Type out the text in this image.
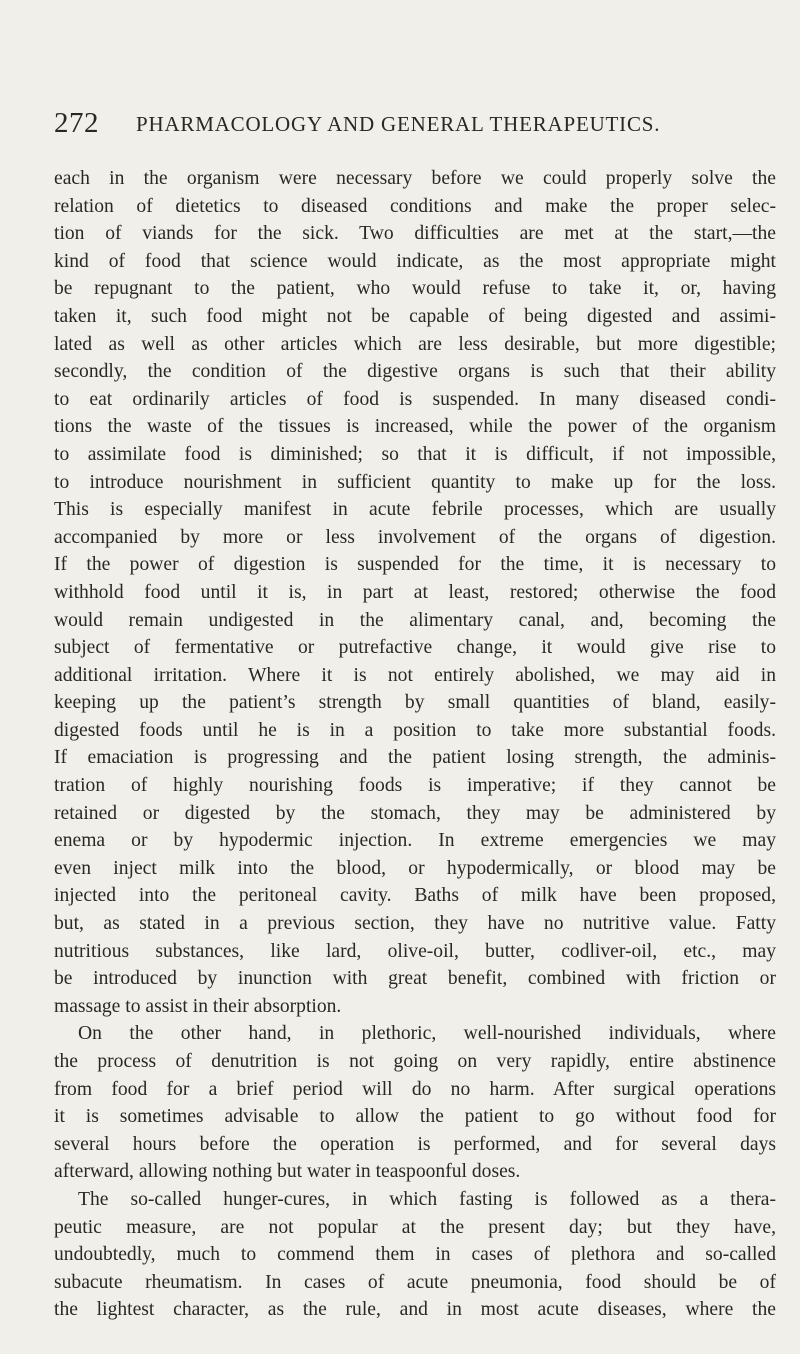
272 PHARMACOLOGY AND GENERAL THERAPEUTICS.
each in the organism were necessary before we could properly solve the
relation of dietetics to diseased conditions and make the proper selec-
tion of viands for the sick. Two difficulties are met at the start,—the
kind of food that science would indicate, as the most appropriate might
be repugnant to the patient, who would refuse to take it, or, having
taken it, such food might not be capable of being digested and assimi-
lated as well as other articles which are less desirable, but more digestible;
secondly, the condition of the digestive organs is such that their ability
to eat ordinarily articles of food is suspended. In many diseased condi-
tions the waste of the tissues is increased, while the power of the organism
to assimilate food is diminished; so that it is difficult, if not impossible,
to introduce nourishment in sufficient quantity to make up for the loss.
This is especially manifest in acute febrile processes, which are usually
accompanied by more or less involvement of the organs of digestion.
If the power of digestion is suspended for the time, it is necessary to
withhold food until it is, in part at least, restored; otherwise the food
would remain undigested in the alimentary canal, and, becoming the
subject of fermentative or putrefactive change, it would give rise to
additional irritation. Where it is not entirely abolished, we may aid in
keeping up the patient’s strength by small quantities of bland, easily-
digested foods until he is in a position to take more substantial foods.
If emaciation is progressing and the patient losing strength, the adminis-
tration of highly nourishing foods is imperative; if they cannot be
retained or digested by the stomach, they may be administered by
enema or by hypodermic injection. In extreme emergencies we may
even inject milk into the blood, or hypodermically, or blood may be
injected into the peritoneal cavity. Baths of milk have been proposed,
but, as stated in a previous section, they have no nutritive value. Fatty
nutritious substances, like lard, olive-oil, butter, codliver-oil, etc., may
be introduced by inunction with great benefit, combined with friction or
massage to assist in their absorption.
On the other hand, in plethoric, well-nourished individuals, where
the process of denutrition is not going on very rapidly, entire abstinence
from food for a brief period will do no harm. After surgical operations
it is sometimes advisable to allow the patient to go without food for
several hours before the operation is performed, and for several days
afterward, allowing nothing but water in teaspoonful doses.
The so-called hunger-cures, in which fasting is followed as a thera-
peutic measure, are not popular at the present day; but they have,
undoubtedly, much to commend them in cases of plethora and so-called
subacute rheumatism. In cases of acute pneumonia, food should be of
the lightest character, as the rule, and in most acute diseases, where the
